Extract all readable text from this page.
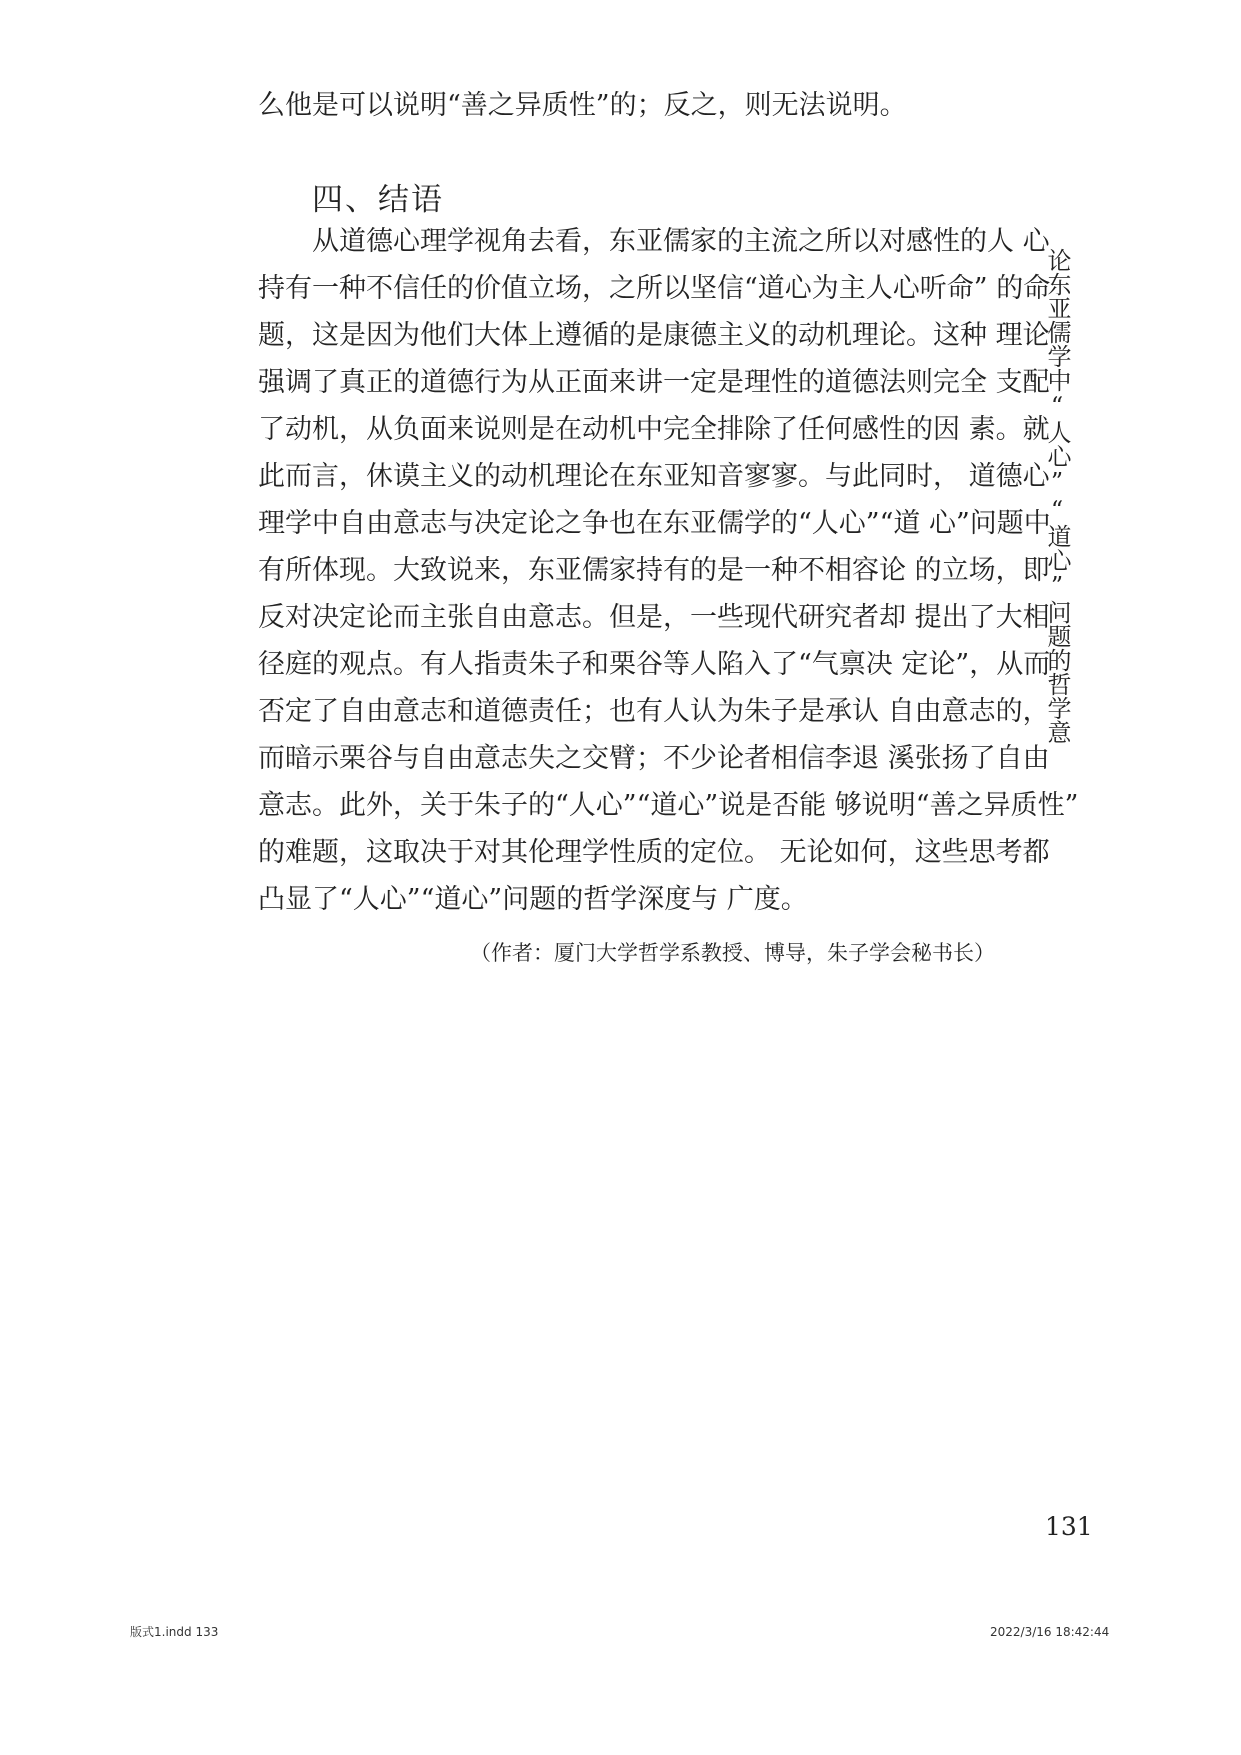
么他是可以说明“善之异质性”的；反之，则无法说明。
四、结语
从道德心理学视角去看，东亚儒家的主流之所以对感性的人 心
持有一种不信任的价值立场，之所以坚信“道心为主人心听命” 的命
题，这是因为他们大体上遵循的是康德主义的动机理论。这种 理论
强调了真正的道德行为从正面来讲一定是理性的道德法则完全 支配
了动机，从负面来说则是在动机中完全排除了任何感性的因 素。就
此而言，休谟主义的动机理论在东亚知音寥寥。与此同时， 道德心
理学中自由意志与决定论之争也在东亚儒学的“人心”“道 心”问题中
有所体现。大致说来，东亚儒家持有的是一种不相容论 的立场，即
反对决定论而主张自由意志。但是，一些现代研究者却 提出了大相
径庭的观点。有人指责朱子和栗谷等人陷入了“气禀决 定论”，从而
否定了自由意志和道德责任；也有人认为朱子是承认 自由意志的，
而暗示栗谷与自由意志失之交臂；不少论者相信李退 溪张扬了自由
意志。此外，关于朱子的“人心”“道心”说是否能 够说明“善之异质性”
的难题，这取决于对其伦理学性质的定位。 无论如何，这些思考都
凸显了“人心”“道心”问题的哲学深度与 广度。
（作者：厦门大学哲学系教授、博导，朱子学会秘书长）
论东亚儒学中“人心”“道心”问题的哲学意
131
版式1.indd 133	2022/3/16 18:42:44
